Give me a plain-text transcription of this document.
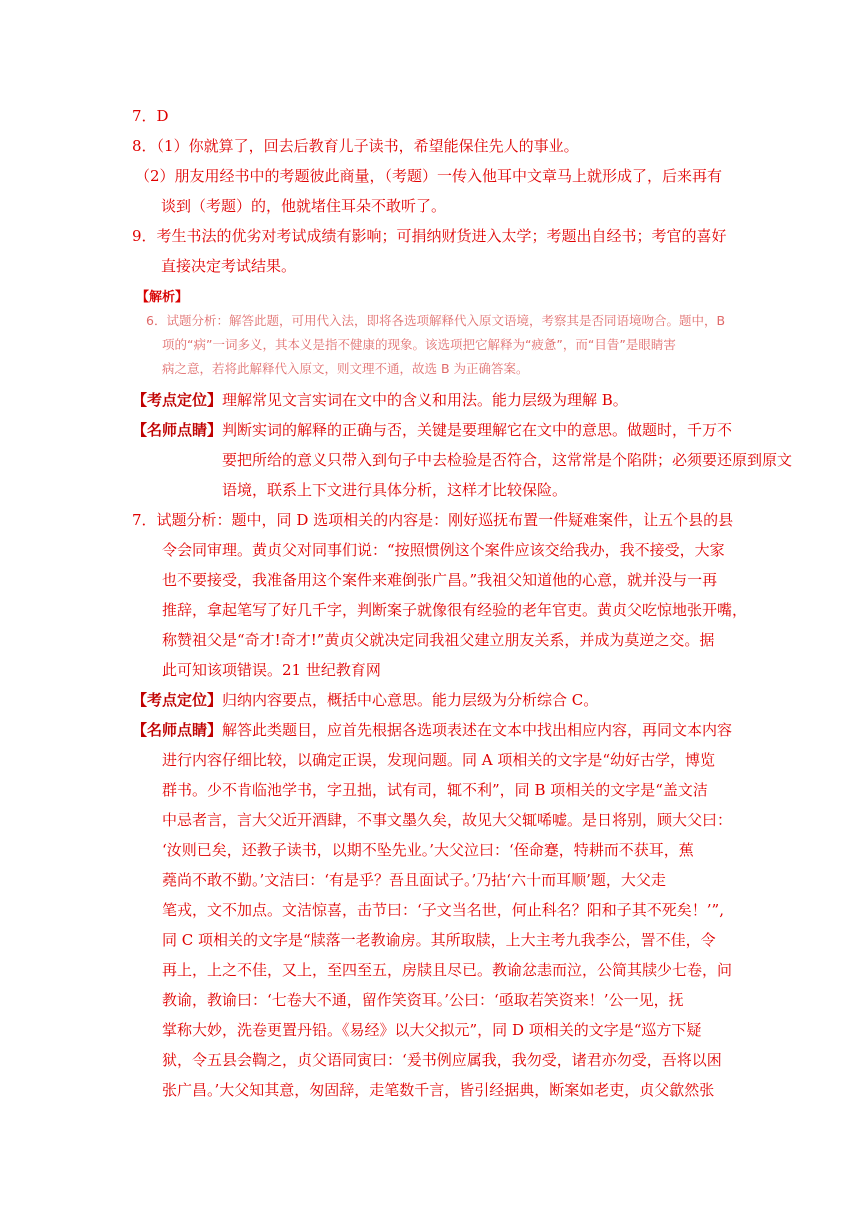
7．D
8．（1）你就算了，回去后教育儿子读书，希望能保住先人的事业。
（2）朋友用经书中的考题彼此商量，（考题）一传入他耳中文章马上就形成了，后来再有
谈到（考题）的，他就堵住耳朵不敢听了。
9．考生书法的优劣对考试成绩有影响；可捐纳财货进入太学；考题出自经书；考官的喜好
直接决定考试结果。
【解析】
6．试题分析：解答此题，可用代入法，即将各选项解释代入原文语境，考察其是否同语境吻合。题中，B
项的“病”一词多义，其本义是指不健康的现象。该选项把它解释为“疲惫”，而“目眚”是眼睛害
病之意，若将此解释代入原文，则文理不通，故选 B 为正确答案。
【考点定位】理解常见文言实词在文中的含义和用法。能力层级为理解 B。
【名师点睛】判断实词的解释的正确与否，关键是要理解它在文中的意思。做题时，千万不
要把所给的意义只带入到句子中去检验是否符合，这常常是个陷阱；必须要还原到原文
语境，联系上下文进行具体分析，这样才比较保险。
7．试题分析：题中，同 D 选项相关的内容是：刚好巡抚布置一件疑难案件，让五个县的县
令会同审理。黄贞父对同事们说：“按照惯例这个案件应该交给我办，我不接受，大家
也不要接受，我准备用这个案件来难倒张广昌。”我祖父知道他的心意，就并没与一再
推辞，拿起笔写了好几千字，判断案子就像很有经验的老年官吏。黄贞父吃惊地张开嘴，
称赞祖父是“奇才!奇才!”黄贞父就决定同我祖父建立朋友关系，并成为莫逆之交。据
此可知该项错误。21 世纪教育网
【考点定位】归纳内容要点，概括中心意思。能力层级为分析综合 C。
【名师点睛】解答此类题目，应首先根据各选项表述在文本中找出相应内容，再同文本内容
进行内容仔细比较，以确定正误，发现问题。同 A 项相关的文字是“幼好古学，博览
群书。少不肯临池学书，字丑拙，试有司，辄不利”，同 B 项相关的文字是“盖文洁
中忌者言，言大父近开酒肆，不事文墨久矣，故见大父辄唏嘘。是日将别，顾大父曰：
‘汝则已矣，还教子读书，以期不坠先业。’大父泣曰：‘侄命蹇，特耕而不获耳，蕉
蕘尚不敢不勤。’文洁曰：‘有是乎？吾且面试子。’乃拈‘六十而耳顺’题，大父走
笔戎，文不加点。文洁惊喜，击节曰：‘子文当名世，何止科名？阳和子其不死矣！’”,
同 C 项相关的文字是“牍落一老教谕房。其所取牍，上大主考九我李公，詈不佳，令
再上，上之不佳，又上，至四至五，房牍且尽已。教谕忿恚而泣，公简其牍少七卷，问
教谕，教谕曰：‘七卷大不通，留作笑资耳。’公曰：‘亟取若笑资来！’公一见，抚
掌称大妙，洗卷更置丹铅。《易经》以大父拟元”，同 D 项相关的文字是“巡方下疑
狱，令五县会鞫之，贞父语同寅曰：‘爰书例应属我，我勿受，诸君亦勿受，吾将以困
张广昌。’大父知其意，匆固辞，走笔数千言，皆引经据典，断案如老吏，贞父歙然张
